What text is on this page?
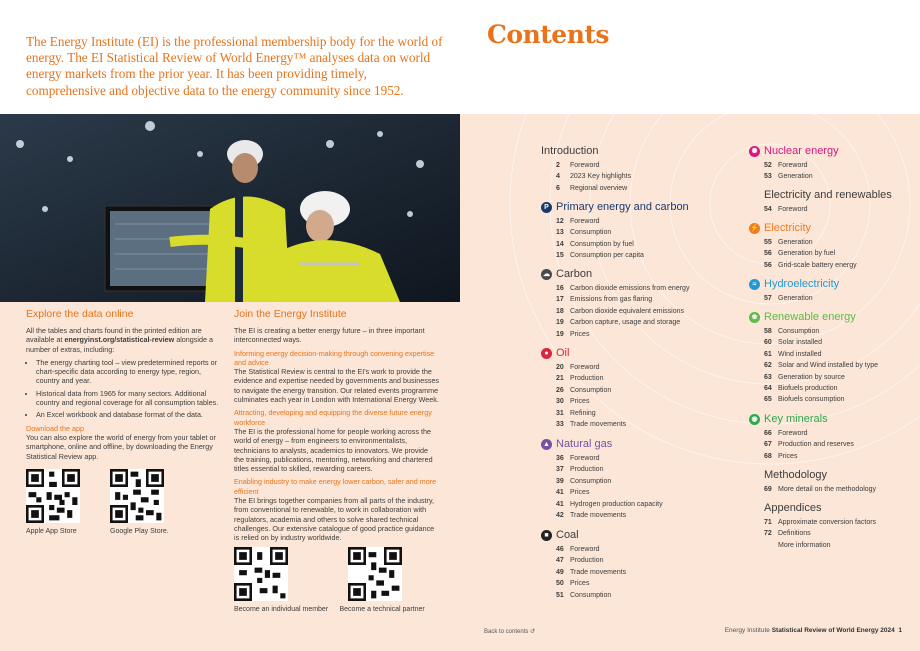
The Energy Institute (EI) is the professional membership body for the world of energy. The EI Statistical Review of World Energy™ analyses data on world energy markets from the prior year. It has been providing timely, comprehensive and objective data to the energy community since 1952.
Contents
Explore the data online

All the tables and charts found in the printed edition are available at energyinst.org/statistical-review alongside a number of extras, including:

• The energy charting tool – view predetermined reports or chart-specific data according to energy type, region, country and year.
• Historical data from 1965 for many sectors. Additional country and regional coverage for all consumption tables.
• An Excel workbook and database format of the data.

Download the app

You can also explore the world of energy from your tablet or smartphone, online and offline, by downloading the Energy Statistical Review app.

Apple App Store	Google Play Store.
Join the Energy Institute

The EI is creating a better energy future – in three important interconnected ways.

Informing energy decision-making through convening expertise and advice

The Statistical Review is central to the EI's work to provide the evidence and expertise needed by governments and businesses to navigate the energy transition. Our related events programme culminates each year in London with International Energy Week.

Attracting, developing and equipping the diverse future energy workforce

The EI is the professional home for people working across the world of energy – from engineers to environmentalists, technicians to analysts, academics to innovators. We provide the training, publications, mentoring, networking and chartered titles essential to skilled, rewarding careers.

Enabling industry to make energy lower carbon, safer and more efficient

The EI brings together companies from all parts of the industry, from conventional to renewable, to work in collaboration with regulators, academia and others to solve shared technical challenges. Our extensive catalogue of good practice guidance is relied on by industry worldwide.

Become an individual member	Become a technical partner
Introduction
2	Foreword
4	2023 Key highlights
6	Regional overview
P Primary energy and carbon
12 Foreword
13 Consumption
14 Consumption by fuel
15 Consumption per capita
☁ Carbon
16 Carbon dioxide emissions from energy
17 Emissions from gas flaring
18 Carbon dioxide equivalent emissions
19 Carbon capture, usage and storage
19 Prices
● Oil
20 Foreword
21 Production
26 Consumption
30 Prices
31 Refining
33 Trade movements
▲ Natural gas
36 Foreword
37 Production
39 Consumption
41 Prices
41 Hydrogen production capacity
42 Trade movements
■ Coal
46 Foreword
47 Production
49 Trade movements
50 Prices
51 Consumption
✺ Nuclear energy
52 Foreword
53 Generation
Electricity and renewables
54 Foreword
⚡ Electricity
55 Generation
56 Generation by fuel
56 Grid-scale battery energy
≈ Hydroelectricity
57 Generation
❀ Renewable energy
58 Consumption
60 Solar installed
61 Wind installed
62 Solar and Wind installed by type
63 Generation by source
64 Biofuels production
65 Biofuels consumption
◉ Key minerals
66 Foreword
67 Production and reserves
68 Prices
Methodology
69 More detail on the methodology
Appendices
71 Approximate conversion factors
72 Definitions
More information
Back to contents ↺	Energy Institute Statistical Review of World Energy 2024 1
